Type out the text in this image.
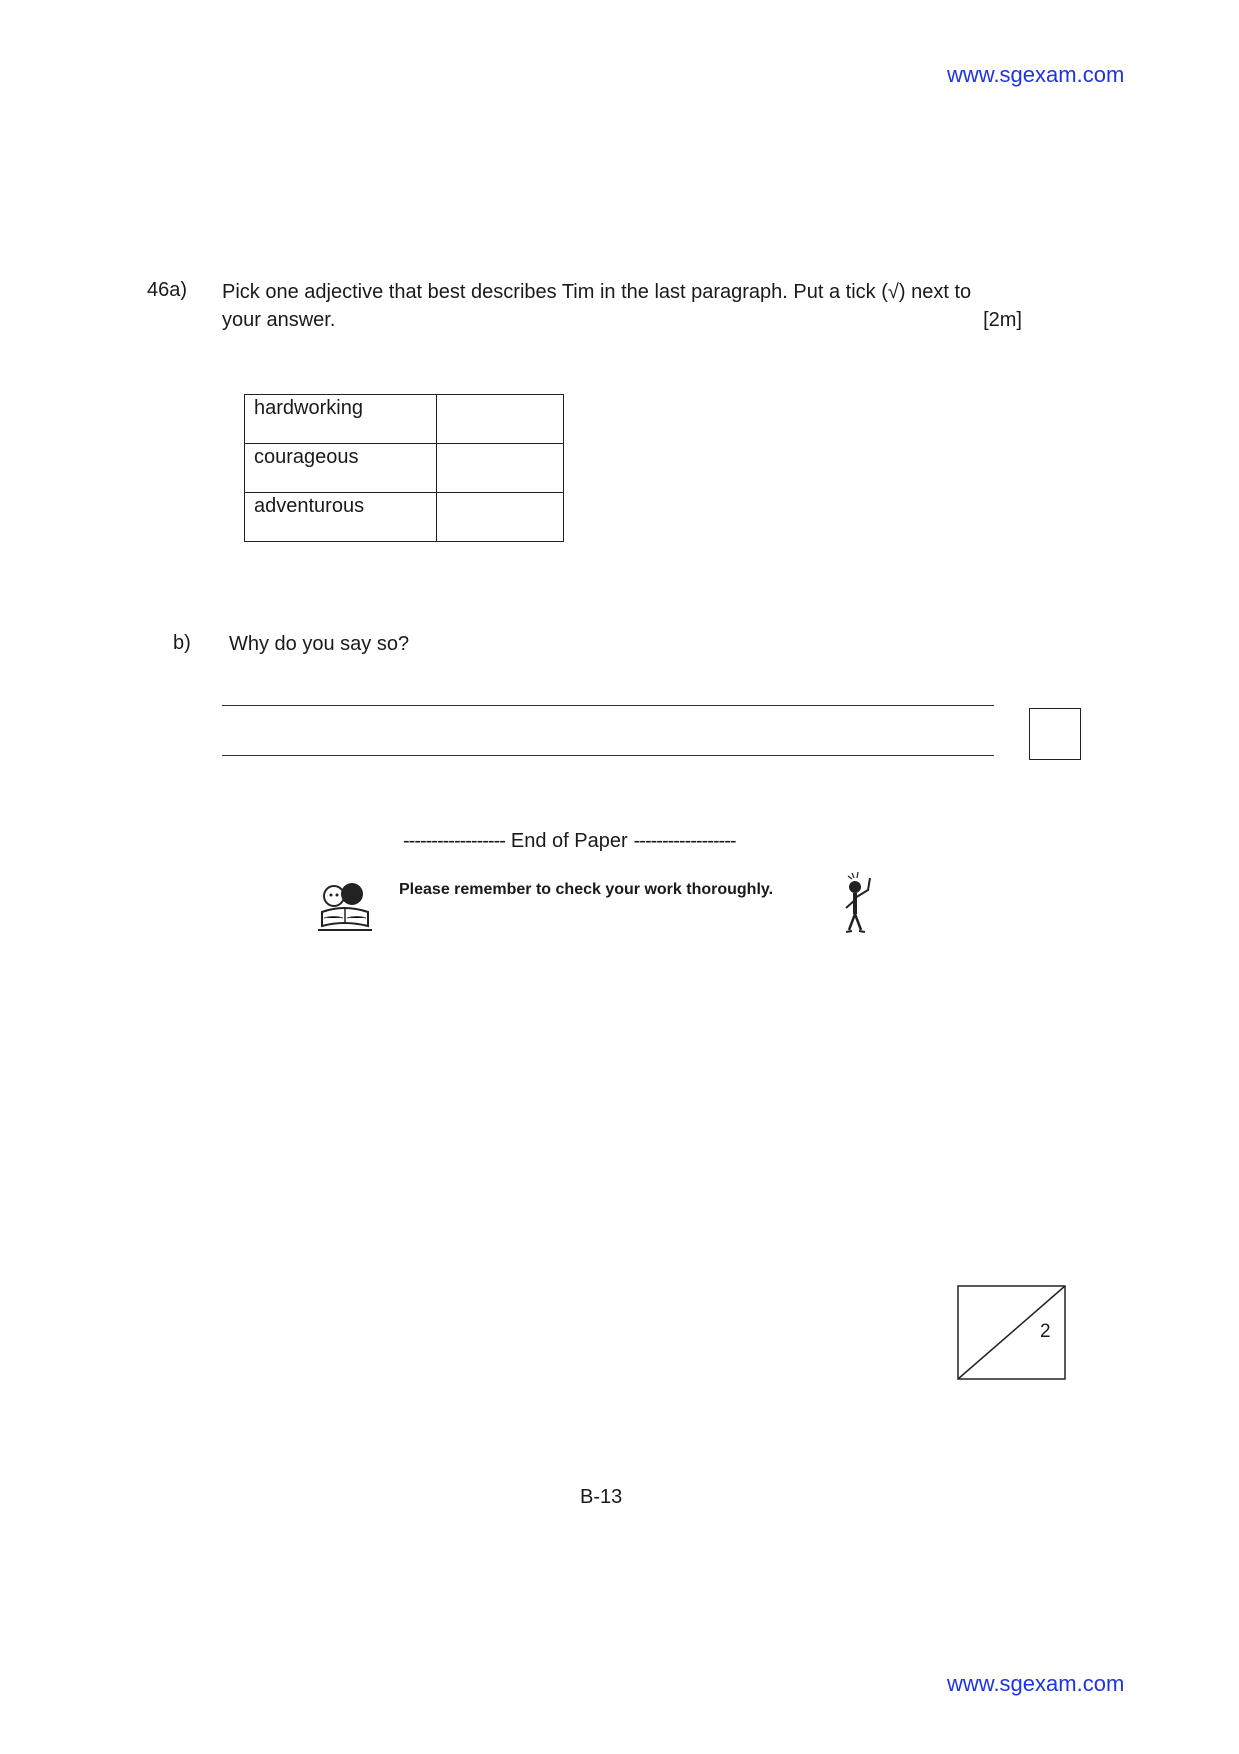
www.sgexam.com
46a) Pick one adjective that best describes Tim in the last paragraph. Put a tick (√) next to
your answer.	[2m]
hardworking	
courageous	
adventurous	
b) Why do you say so?
------------------ End of Paper ------------------
Please remember to check your work thoroughly.
2
B-13
www.sgexam.com
